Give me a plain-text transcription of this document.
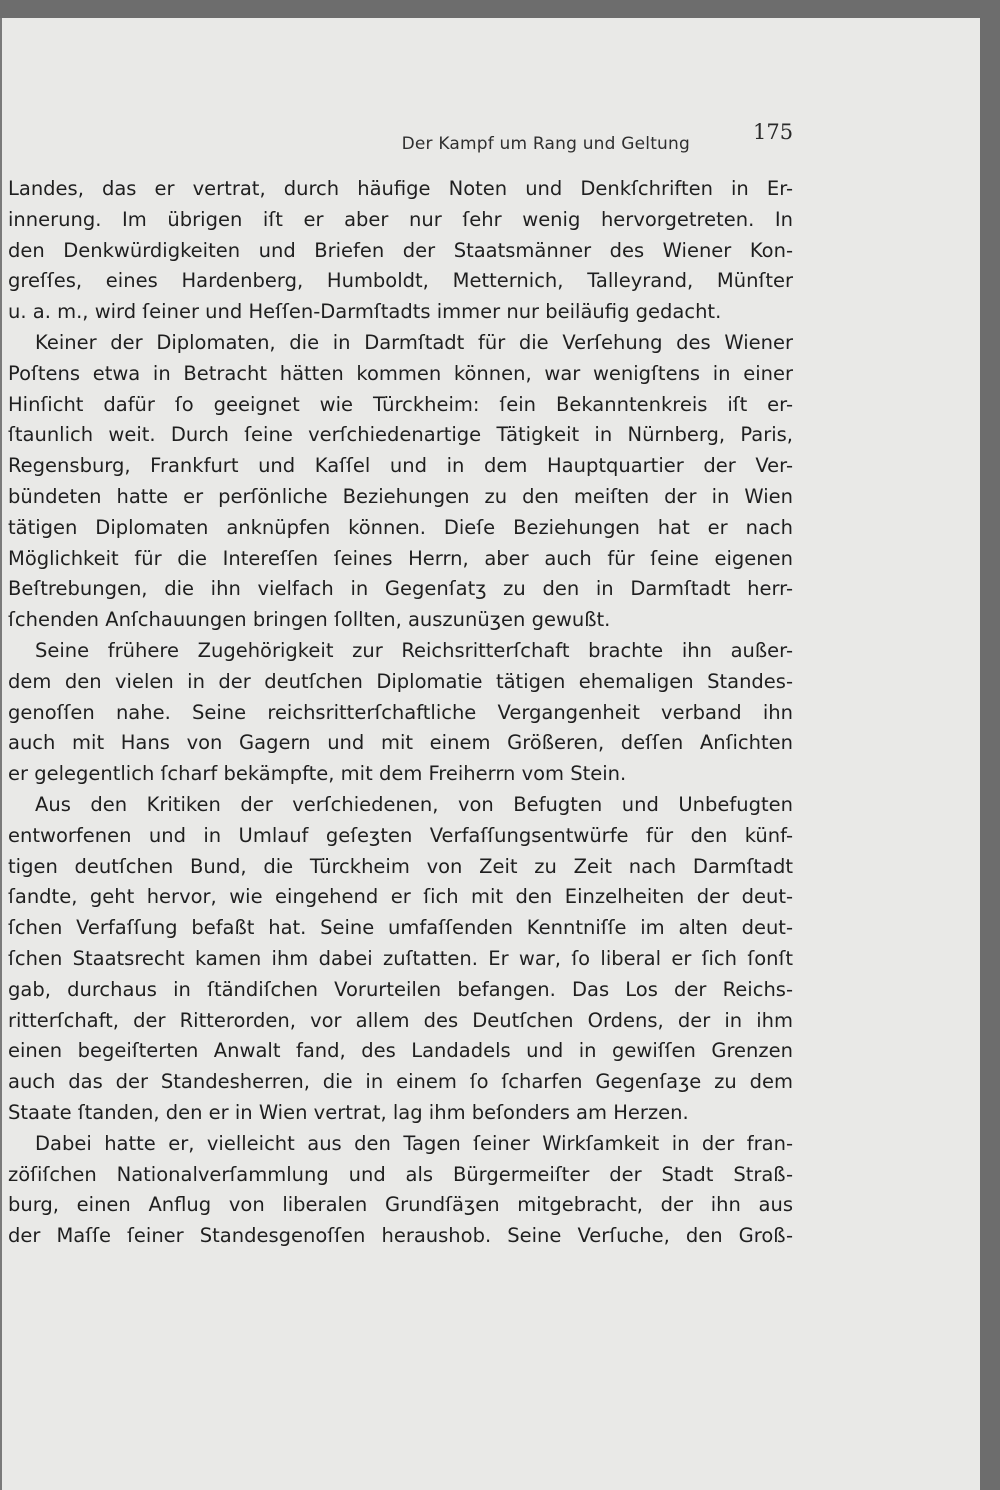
Der Kampf um Rang und Geltung	175
Landes, das er vertrat, durch häufige Noten und Denkſchriften in Er-
innerung. Im übrigen iſt er aber nur ſehr wenig hervorgetreten. In
den Denkwürdigkeiten und Briefen der Staatsmänner des Wiener Kon-
greſſes, eines Hardenberg, Humboldt, Metternich, Talleyrand, Münſter
u. a. m., wird ſeiner und Heſſen-Darmſtadts immer nur beiläufig gedacht.
Keiner der Diplomaten, die in Darmſtadt für die Verſehung des Wiener
Poſtens etwa in Betracht hätten kommen können, war wenigſtens in einer
Hinſicht dafür ſo geeignet wie Türckheim: ſein Bekanntenkreis iſt er-
ſtaunlich weit. Durch ſeine verſchiedenartige Tätigkeit in Nürnberg, Paris,
Regensburg, Frankfurt und Kaſſel und in dem Hauptquartier der Ver-
bündeten hatte er perſönliche Beziehungen zu den meiſten der in Wien
tätigen Diplomaten anknüpfen können. Dieſe Beziehungen hat er nach
Möglichkeit für die Intereſſen ſeines Herrn, aber auch für ſeine eigenen
Beſtrebungen, die ihn vielfach in Gegenſatʒ zu den in Darmſtadt herr-
ſchenden Anſchauungen bringen ſollten, auszunüʒen gewußt.
Seine frühere Zugehörigkeit zur Reichsritterſchaft brachte ihn außer-
dem den vielen in der deutſchen Diplomatie tätigen ehemaligen Standes-
genoſſen nahe. Seine reichsritterſchaftliche Vergangenheit verband ihn
auch mit Hans von Gagern und mit einem Größeren, deſſen Anſichten
er gelegentlich ſcharf bekämpfte, mit dem Freiherrn vom Stein.
Aus den Kritiken der verſchiedenen, von Befugten und Unbefugten
entworfenen und in Umlauf geſeʒten Verfaſſungsentwürfe für den künf-
tigen deutſchen Bund, die Türckheim von Zeit zu Zeit nach Darmſtadt
ſandte, geht hervor, wie eingehend er ſich mit den Einzelheiten der deut-
ſchen Verfaſſung befaßt hat. Seine umfaſſenden Kenntniſſe im alten deut-
ſchen Staatsrecht kamen ihm dabei zuſtatten. Er war, ſo liberal er ſich ſonſt
gab, durchaus in ſtändiſchen Vorurteilen befangen. Das Los der Reichs-
ritterſchaft, der Ritterorden, vor allem des Deutſchen Ordens, der in ihm
einen begeiſterten Anwalt fand, des Landadels und in gewiſſen Grenzen
auch das der Standesherren, die in einem ſo ſcharfen Gegenſaʒe zu dem
Staate ſtanden, den er in Wien vertrat, lag ihm beſonders am Herzen.
Dabei hatte er, vielleicht aus den Tagen ſeiner Wirkſamkeit in der fran-
zöſiſchen Nationalverſammlung und als Bürgermeiſter der Stadt Straß-
burg, einen Anflug von liberalen Grundſäʒen mitgebracht, der ihn aus
der Maſſe ſeiner Standesgenoſſen heraushob. Seine Verſuche, den Groß-
